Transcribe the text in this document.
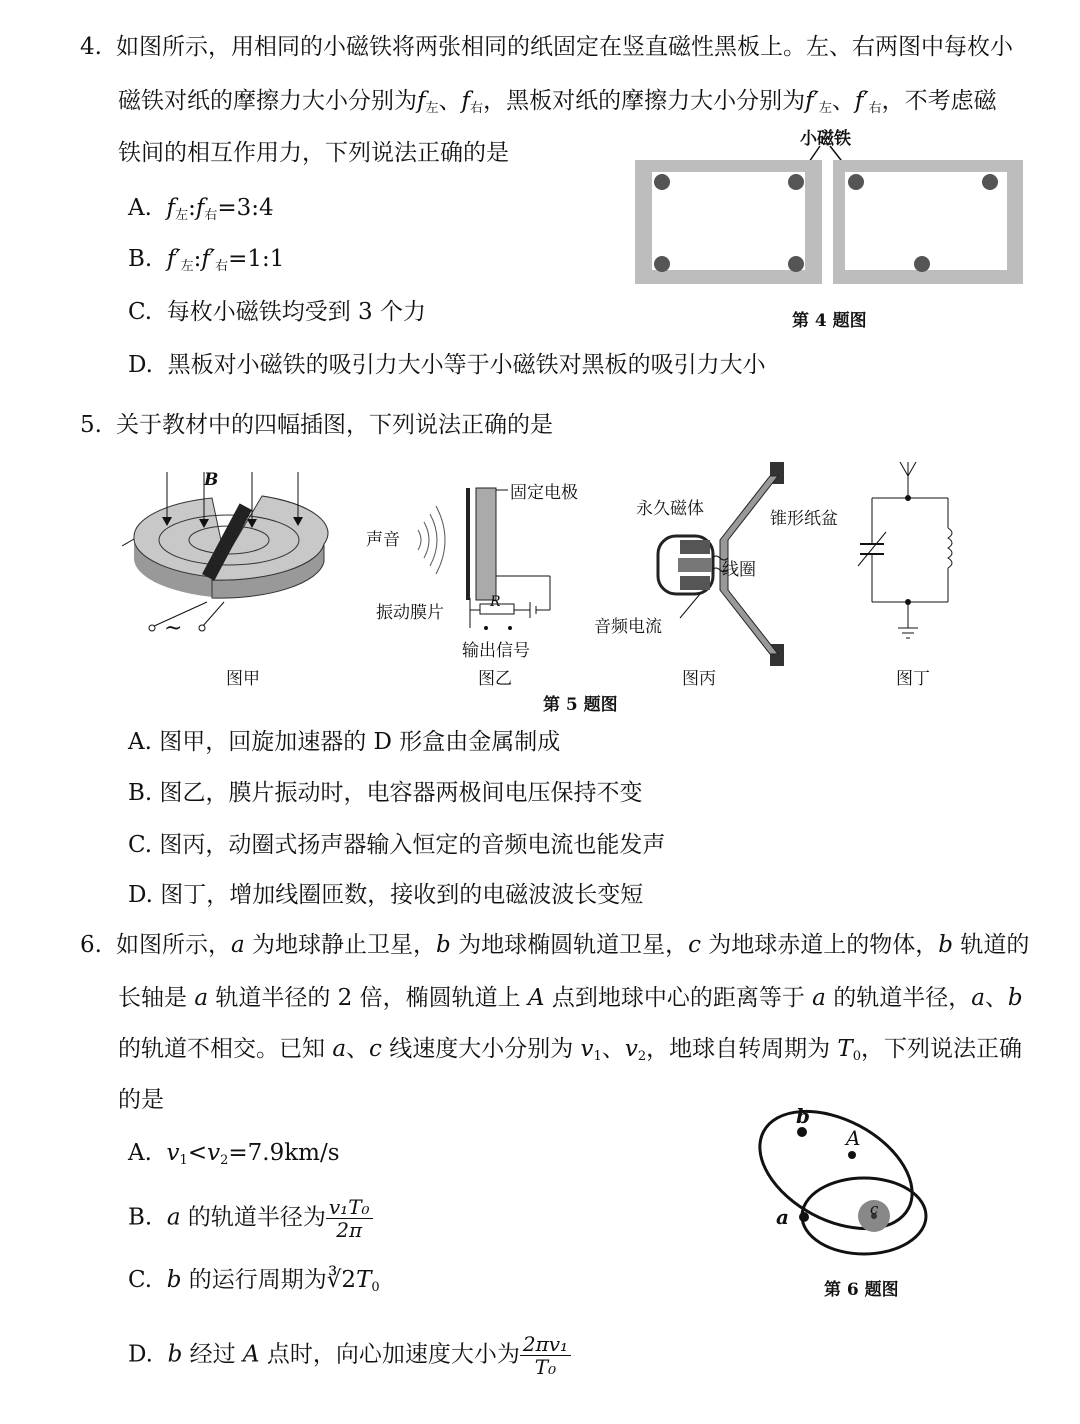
4. 如图所示，用相同的小磁铁将两张相同的纸固定在竖直磁性黑板上。左、右两图中每枚小
磁铁对纸的摩擦力大小分别为$f_左$、$f_右$，黑板对纸的摩擦力大小分别为$f'_左$、$f'_右$，不考虑磁
铁间的相互作用力，下列说法正确的是
A. $f_左:f_右=3:4$
B. $f'_左:f'_右=1:1$
C. 每枚小磁铁均受到 3 个力
D. 黑板对小磁铁的吸引力大小等于小磁铁对黑板的吸引力大小
小磁铁
第 4 题图
5. 关于教材中的四幅插图，下列说法正确的是
B
~
图甲
声音
固定电极
振动膜片
R
输出信号
图乙
永久磁体	锥形纸盆
线圈
音频电流
图丙	图丁
第 5 题图
A. 图甲，回旋加速器的 D 形盒由金属制成
B. 图乙，膜片振动时，电容器两极间电压保持不变
C. 图丙，动圈式扬声器输入恒定的音频电流也能发声
D. 图丁，增加线圈匝数，接收到的电磁波波长变短
6. 如图所示，a 为地球静止卫星，b 为地球椭圆轨道卫星，c 为地球赤道上的物体，b 轨道的
长轴是 a 轨道半径的 2 倍，椭圆轨道上 A 点到地球中心的距离等于 a 的轨道半径，a、b
的轨道不相交。已知 a、c 线速度大小分别为 $v_1$、$v_2$，地球自转周期为 $T_0$，下列说法正确
的是
A. $v_1<v_2=7.9km/s$
B. a 的轨道半径为 $\frac{\text{v₁T₀}}{2\pi}$
C. b 的运行周期为$∛2T_0$
D. b 经过 A 点时，向心加速度大小为 $\frac{\text{2πv₁}}{\text{T₀}}$
b
A
a	c
第 6 题图
